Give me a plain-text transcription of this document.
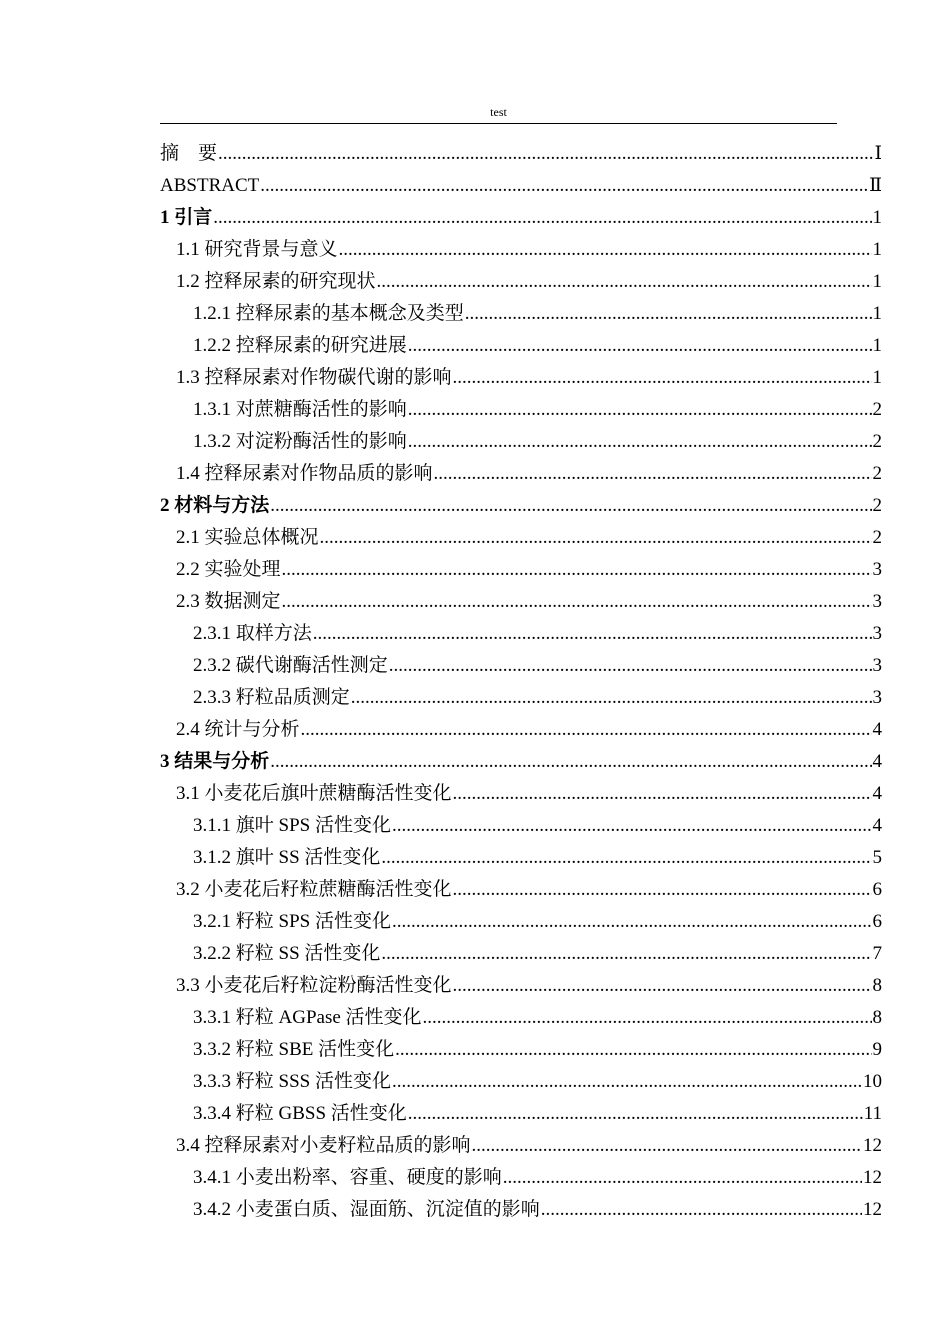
test
摘　要 .....	Ⅰ
ABSTRACT .....	Ⅱ
1 引言 .....	1
1.1 研究背景与意义 .....	1
1.2 控释尿素的研究现状 .....	1
1.2.1 控释尿素的基本概念及类型 .....	1
1.2.2 控释尿素的研究进展 .....	1
1.3 控释尿素对作物碳代谢的影响 .....	1
1.3.1 对蔗糖酶活性的影响 .....	2
1.3.2 对淀粉酶活性的影响 .....	2
1.4 控释尿素对作物品质的影响 .....	2
2 材料与方法 .....	2
2.1 实验总体概况 .....	2
2.2 实验处理 .....	3
2.3 数据测定 .....	3
2.3.1 取样方法 .....	3
2.3.2 碳代谢酶活性测定 .....	3
2.3.3 籽粒品质测定 .....	3
2.4 统计与分析 .....	4
3 结果与分析 .....	4
3.1 小麦花后旗叶蔗糖酶活性变化 .....	4
3.1.1 旗叶 SPS 活性变化 .....	4
3.1.2 旗叶 SS 活性变化 .....	5
3.2 小麦花后籽粒蔗糖酶活性变化 .....	6
3.2.1 籽粒 SPS 活性变化 .....	6
3.2.2 籽粒 SS 活性变化 .....	7
3.3 小麦花后籽粒淀粉酶活性变化 .....	8
3.3.1 籽粒 AGPase 活性变化 .....	8
3.3.2 籽粒 SBE 活性变化 .....	9
3.3.3 籽粒 SSS 活性变化 .....	10
3.3.4 籽粒 GBSS 活性变化 .....	11
3.4 控释尿素对小麦籽粒品质的影响 .....	12
3.4.1 小麦出粉率、容重、硬度的影响 .....	12
3.4.2 小麦蛋白质、湿面筋、沉淀值的影响 .....	12
